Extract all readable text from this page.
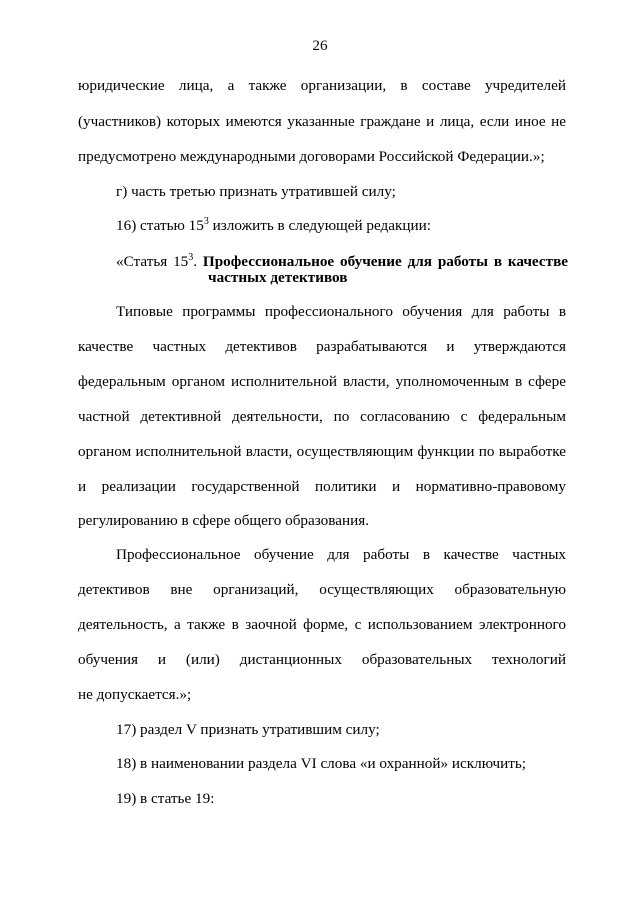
26
юридические лица, а также организации, в составе учредителей
(участников) которых имеются указанные граждане и лица, если иное не
предусмотрено международными договорами Российской Федерации.»;
г) часть третью признать утратившей силу;
16) статью $15^3$ изложить в следующей редакции:
«Статья $15^3$. Профессиональное обучение для работы в качестве
частных детективов
Типовые программы профессионального обучения для работы в
качестве частных детективов разрабатываются и утверждаются
федеральным органом исполнительной власти, уполномоченным в сфере
частной детективной деятельности, по согласованию с федеральным
органом исполнительной власти, осуществляющим функции по выработке
и реализации государственной политики и нормативно-правовому
регулированию в сфере общего образования.
Профессиональное обучение для работы в качестве частных
детективов вне организаций, осуществляющих образовательную
деятельность, а также в заочной форме, с использованием электронного
обучения и (или) дистанционных образовательных технологий
не допускается.»;
17) раздел V признать утратившим силу;
18) в наименовании раздела VI слова «и охранной» исключить;
19) в статье 19:
